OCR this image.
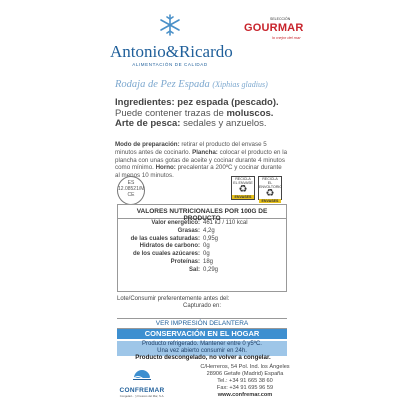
Antonio&Ricardo
ALIMENTACIÓN DE CALIDAD
SELECCIÓN
GOURMAR
lo mejor del mar
Rodaja de Pez Espada (Xiphias gladius)
Ingredientes: pez espada (pescado).
Puede contener trazas de moluscos.
Arte de pesca: sedales y anzuelos.
Modo de preparación: retirar el producto del envase 5 minutos antes de cocinarlo. Plancha: colocar el producto en la plancha con unas gotas de aceite y cocinar durante 4 minutos como mínimo. Horno: precalentar a 200ºC y cocinar durante al menos 10 minutos.
ES
12.08521/M
CE
RECICLA
EL ENVASE
♻
ENVASES
RECICLA
EL ENVOLTORIO
♻
ENVASES
VALORES NUTRICIONALES POR 100G DE PRODUCTO
Valor energético: 461 kJ / 110 kcal
Grasas: 4,2g
de las cuales saturadas: 0,95g
Hidratos de carbono: 0g
de los cuales azúcares: 0g
Proteínas: 18g
Sal: 0,29g
Lote/Consumir preferentemente antes del:
Capturado en:
VER IMPRESIÓN DELANTERA
CONSERVACIÓN EN EL HOGAR
Producto refrigerado. Mantener entre 0 y5ºC.
Una vez abierto consumir en 24h.
Producto descongelado, no volver a congelar.
CONFREMAR
Congelad... 'y Frescos del Mar, S.A.
C/Herreros, 54 Pol. Ind. los Ángeles
28906 Getafe (Madrid) España
Tel.: +34 91 665 38 60
Fax: +34 91 695 96 59
www.confremar.com
